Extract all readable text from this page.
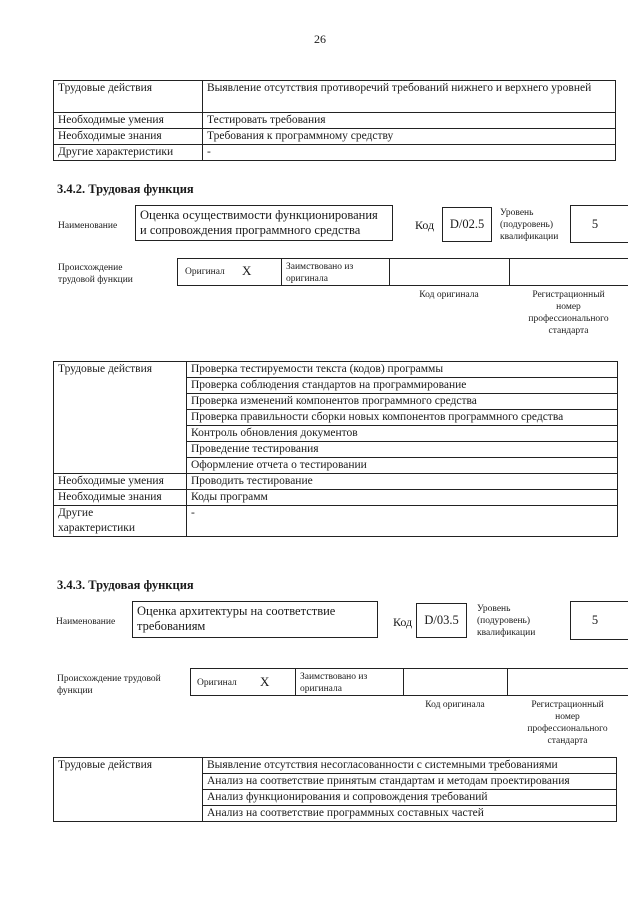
26
Трудовые действия	Выявление отсутствия противоречий требований нижнего и верхнего уровней
Необходимые умения	Тестировать требования
Необходимые знания	Требования к программному средству
Другие характеристики	-
3.4.2. Трудовая функция
Наименование
Оценка осуществимости функционирования
и сопровождения программного средства	Код	D/02.5
Уровень
(подуровень)
квалификации
5
Происхождение
трудовой функции
Оригинал X	Заимствовано из
оригинала
Код оригинала	Регистрационный
номер
профессионального
стандарта
Трудовые действия	Проверка тестируемости текста (кодов) программы
	Проверка соблюдения стандартов на программирование
	Проверка изменений компонентов программного средства
	Проверка правильности сборки новых компонентов программного средства
	Контроль обновления документов
	Проведение тестирования
	Оформление отчета о тестировании
Необходимые умения	Проводить тестирование
Необходимые знания	Коды программ

Другие
характеристики	-
3.4.3. Трудовая функция
Наименование
Оценка архитектуры на соответствие
требованиям	Код D/03.5
Уровень
(подуровень)
квалификации
5
Происхождение трудовой
функции
Оригинал X	Заимствовано из
оригинала
Код оригинала	Регистрационный
номер
профессионального
стандарта
Трудовые действия	Выявление отсутствия несогласованности с системными требованиями
Анализ на соответствие принятым стандартам и методам проектирования
Анализ функционирования и сопровождения требований
Анализ на соответствие программных составных частей
